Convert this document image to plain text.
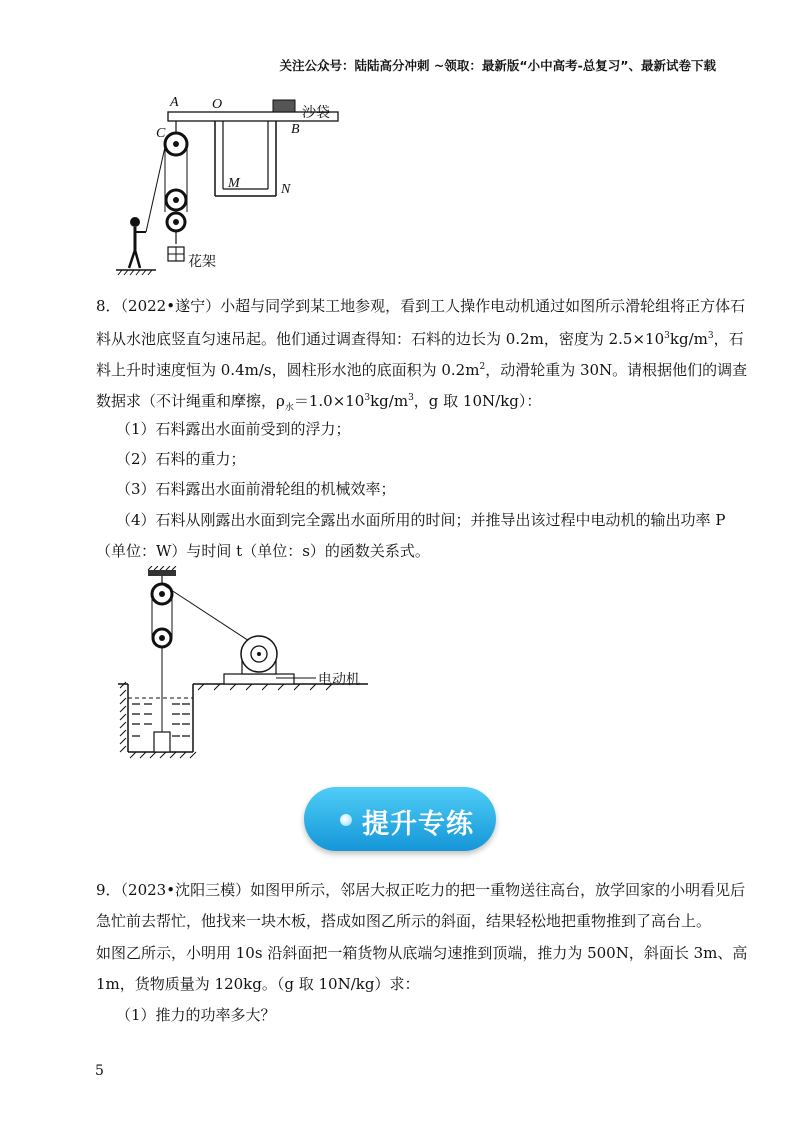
关注公众号：陆陆高分冲刺 ~领取：最新版“小中高考-总复习”、最新试卷下载
A O
B
C
M	N
沙袋
花架
8．（2022•遂宁）小超与同学到某工地参观，看到工人操作电动机通过如图所示滑轮组将正方体石
料从水池底竖直匀速吊起。他们通过调查得知：石料的边长为 0.2m，密度为 $2.5\times 10^3kg/m^3$，石
料上升时速度恒为 0.4m/s，圆柱形水池的底面积为 $0.2m^2$，动滑轮重为 30N。请根据他们的调查
数据求（不计绳重和摩擦，$\rho_水=1.0\times 10^3kg/m^3$，g 取 10N/kg）：
（1）石料露出水面前受到的浮力；
（2）石料的重力；
（3）石料露出水面前滑轮组的机械效率；
（4）石料从刚露出水面到完全露出水面所用的时间；并推导出该过程中电动机的输出功率 P
（单位：W）与时间 t（单位：s）的函数关系式。
电动机
提升专练
9．（2023•沈阳三模）如图甲所示，邻居大叔正吃力的把一重物送往高台，放学回家的小明看见后
急忙前去帮忙，他找来一块木板，搭成如图乙所示的斜面，结果轻松地把重物推到了高台上。
如图乙所示，小明用 10s 沿斜面把一箱货物从底端匀速推到顶端，推力为 500N，斜面长 3m、高
1m，货物质量为 120kg。（g 取 10N/kg）求：
（1）推力的功率多大？
5
